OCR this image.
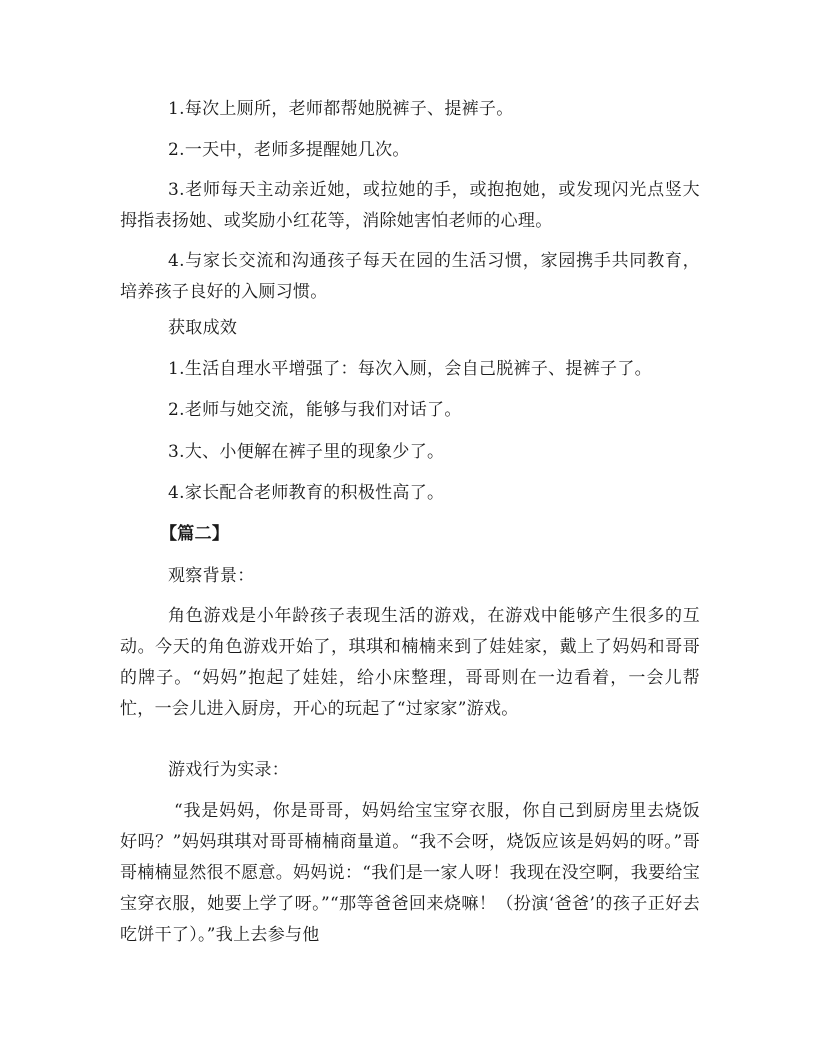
1.每次上厕所，老师都帮她脱裤子、提裤子。
2.一天中，老师多提醒她几次。
3.老师每天主动亲近她，或拉她的手，或抱抱她，或发现闪光点竖大拇指表扬她、或奖励小红花等，消除她害怕老师的心理。
4.与家长交流和沟通孩子每天在园的生活习惯，家园携手共同教育，培养孩子良好的入厕习惯。
获取成效
1.生活自理水平增强了：每次入厕，会自己脱裤子、提裤子了。
2.老师与她交流，能够与我们对话了。
3.大、小便解在裤子里的现象少了。
4.家长配合老师教育的积极性高了。
【篇二】
观察背景：
角色游戏是小年龄孩子表现生活的游戏，在游戏中能够产生很多的互动。今天的角色游戏开始了，琪琪和楠楠来到了娃娃家，戴上了妈妈和哥哥的牌子。“妈妈”抱起了娃娃，给小床整理，哥哥则在一边看着，一会儿帮忙，一会儿进入厨房，开心的玩起了“过家家”游戏。
游戏行为实录：
“我是妈妈，你是哥哥，妈妈给宝宝穿衣服，你自己到厨房里去烧饭好吗？”妈妈琪琪对哥哥楠楠商量道。“我不会呀，烧饭应该是妈妈的呀。”哥哥楠楠显然很不愿意。妈妈说：“我们是一家人呀！我现在没空啊，我要给宝宝穿衣服，她要上学了呀。”“那等爸爸回来烧嘛！（扮演‘爸爸’的孩子正好去吃饼干了）。”我上去参与他
